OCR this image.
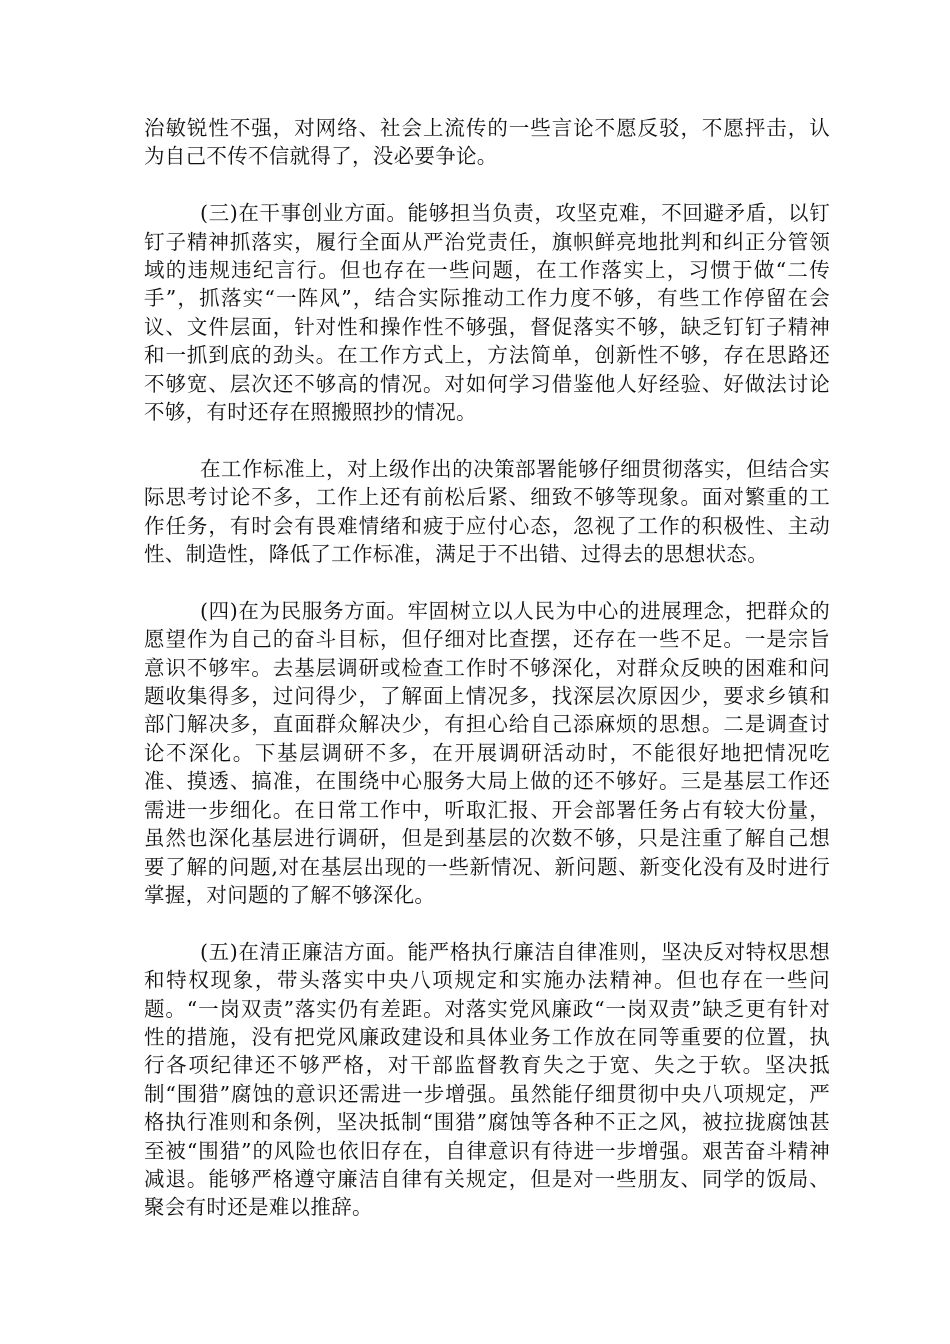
治敏锐性不强，对网络、社会上流传的一些言论不愿反驳，不愿抨击，认为自己不传不信就得了，没必要争论。

(三)在干事创业方面。能够担当负责，攻坚克难，不回避矛盾，以钉钉子精神抓落实，履行全面从严治党责任，旗帜鲜亮地批判和纠正分管领域的违规违纪言行。但也存在一些问题，在工作落实上，习惯于做“二传手”，抓落实“一阵风”，结合实际推动工作力度不够，有些工作停留在会议、文件层面，针对性和操作性不够强，督促落实不够，缺乏钉钉子精神和一抓到底的劲头。在工作方式上，方法简单，创新性不够，存在思路还不够宽、层次还不够高的情况。对如何学习借鉴他人好经验、好做法讨论不够，有时还存在照搬照抄的情况。

在工作标准上，对上级作出的决策部署能够仔细贯彻落实，但结合实际思考讨论不多，工作上还有前松后紧、细致不够等现象。面对繁重的工作任务，有时会有畏难情绪和疲于应付心态，忽视了工作的积极性、主动性、制造性，降低了工作标准，满足于不出错、过得去的思想状态。

(四)在为民服务方面。牢固树立以人民为中心的进展理念，把群众的愿望作为自己的奋斗目标，但仔细对比查摆，还存在一些不足。一是宗旨意识不够牢。去基层调研或检查工作时不够深化，对群众反映的困难和问题收集得多，过问得少，了解面上情况多，找深层次原因少，要求乡镇和部门解决多，直面群众解决少，有担心给自己添麻烦的思想。二是调查讨论不深化。下基层调研不多，在开展调研活动时，不能很好地把情况吃准、摸透、搞准，在围绕中心服务大局上做的还不够好。三是基层工作还需进一步细化。在日常工作中，听取汇报、开会部署任务占有较大份量，虽然也深化基层进行调研，但是到基层的次数不够，只是注重了解自己想要了解的问题,对在基层出现的一些新情况、新问题、新变化没有及时进行掌握，对问题的了解不够深化。

(五)在清正廉洁方面。能严格执行廉洁自律准则，坚决反对特权思想和特权现象，带头落实中央八项规定和实施办法精神。但也存在一些问题。“一岗双责”落实仍有差距。对落实党风廉政“一岗双责”缺乏更有针对性的措施，没有把党风廉政建设和具体业务工作放在同等重要的位置，执行各项纪律还不够严格，对干部监督教育失之于宽、失之于软。坚决抵制“围猎”腐蚀的意识还需进一步增强。虽然能仔细贯彻中央八项规定，严格执行准则和条例，坚决抵制“围猎”腐蚀等各种不正之风，被拉拢腐蚀甚至被“围猎”的风险也依旧存在，自律意识有待进一步增强。艰苦奋斗精神减退。能够严格遵守廉洁自律有关规定，但是对一些朋友、同学的饭局、聚会有时还是难以推辞。
